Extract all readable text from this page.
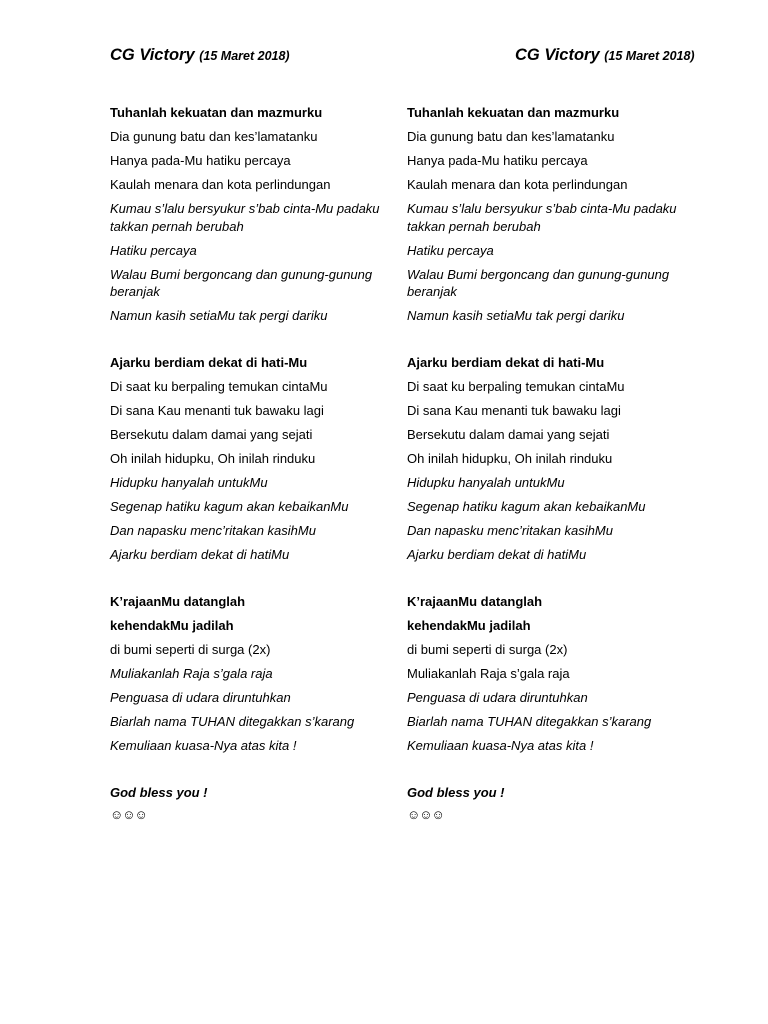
CG Victory (15 Maret 2018)
Tuhanlah kekuatan dan mazmurku
Dia gunung batu dan kes’lamatanku
Hanya pada-Mu hatiku percaya
Kaulah menara dan kota perlindungan
Kumau s’lalu bersyukur s’bab cinta-Mu padaku takkan pernah berubah
Hatiku percaya
Walau Bumi bergoncang dan gunung-gunung beranjak
Namun kasih setiaMu tak pergi dariku
Ajarku berdiam dekat di hati-Mu
Di saat ku berpaling temukan cintaMu
Di sana Kau menanti tuk bawaku lagi
Bersekutu dalam damai yang sejati
Oh inilah hidupku, Oh inilah rinduku
Hidupku hanyalah untukMu
Segenap hatiku kagum akan kebaikanMu
Dan napasku menc’ritakan kasihMu
Ajarku berdiam dekat di hatiMu
K’rajaanMu datanglah
kehendakMu jadilah
di bumi seperti di surga (2x)
Muliakanlah Raja s’gala raja
Penguasa di udara diruntuhkan
Biarlah nama TUHAN ditegakkan s’karang
Kemuliaan kuasa-Nya atas kita !
God bless you !
☺☺☺
CG Victory (15 Maret 2018)
Tuhanlah kekuatan dan mazmurku
Dia gunung batu dan kes’lamatanku
Hanya pada-Mu hatiku percaya
Kaulah menara dan kota perlindungan
Kumau s’lalu bersyukur s’bab cinta-Mu padaku takkan pernah berubah
Hatiku percaya
Walau Bumi bergoncang dan gunung-gunung beranjak
Namun kasih setiaMu tak pergi dariku
Ajarku berdiam dekat di hati-Mu
Di saat ku berpaling temukan cintaMu
Di sana Kau menanti tuk bawaku lagi
Bersekutu dalam damai yang sejati
Oh inilah hidupku, Oh inilah rinduku
Hidupku hanyalah untukMu
Segenap hatiku kagum akan kebaikanMu
Dan napasku menc’ritakan kasihMu
Ajarku berdiam dekat di hatiMu
K’rajaanMu datanglah
kehendakMu jadilah
di bumi seperti di surga (2x)
Muliakanlah Raja s’gala raja
Penguasa di udara diruntuhkan
Biarlah nama TUHAN ditegakkan s’karang
Kemuliaan kuasa-Nya atas kita !
God bless you !
☺☺☺
